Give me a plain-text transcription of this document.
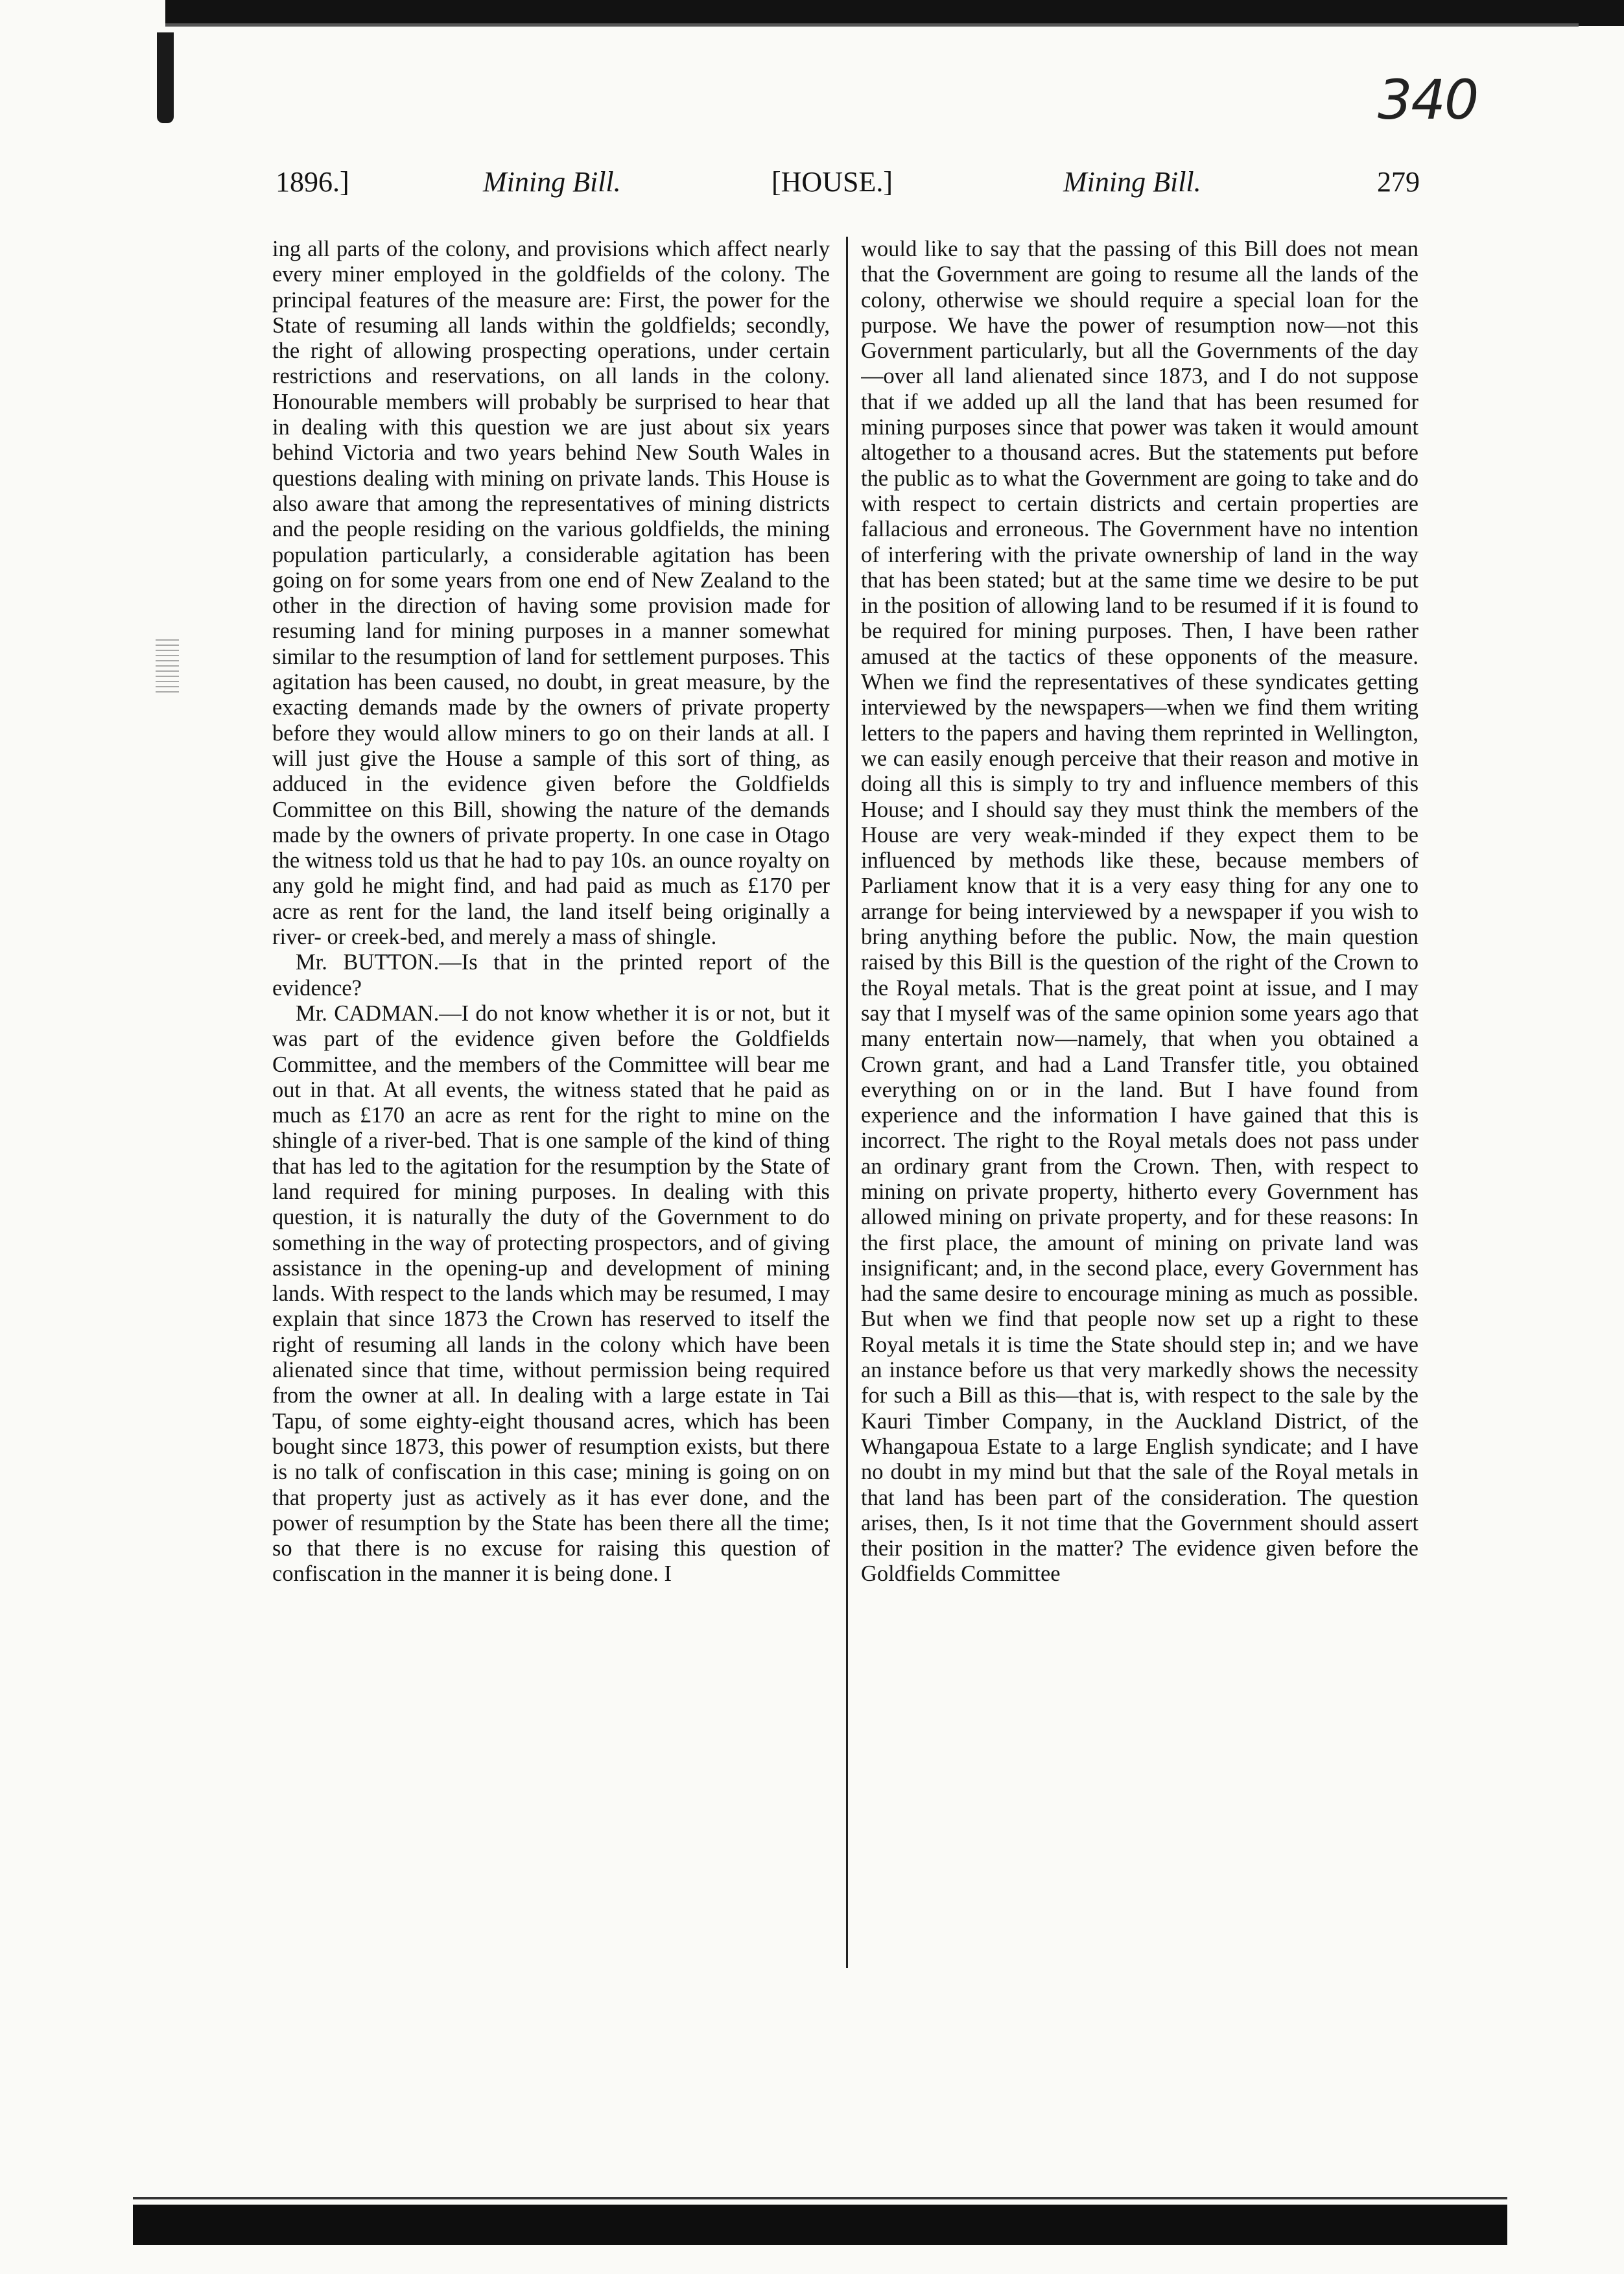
340
1896.]	Mining Bill.	[HOUSE.]	Mining Bill.	279

ing all parts of the colony, and provisions which affect nearly every miner employed in the goldfields of the colony. The principal features of the measure are: First, the power for the State of resuming all lands within the goldfields; secondly, the right of allowing prospecting operations, under certain restrictions and reservations, on all lands in the colony. Honourable members will probably be surprised to hear that in dealing with this question we are just about six years behind Victoria and two years behind New South Wales in questions dealing with mining on private lands. This House is also aware that among the representatives of mining districts and the people residing on the various goldfields, the mining population particularly, a considerable agitation has been going on for some years from one end of New Zealand to the other in the direction of having some provision made for resuming land for mining purposes in a manner somewhat similar to the resumption of land for settlement purposes. This agitation has been caused, no doubt, in great measure, by the exacting demands made by the owners of private property before they would allow miners to go on their lands at all. I will just give the House a sample of this sort of thing, as adduced in the evidence given before the Goldfields Committee on this Bill, showing the nature of the demands made by the owners of private property. In one case in Otago the witness told us that he had to pay 10s. an ounce royalty on any gold he might find, and had paid as much as £170 per acre as rent for the land, the land itself being originally a river- or creek-bed, and merely a mass of shingle.

Mr. BUTTON.—Is that in the printed report of the evidence?

Mr. CADMAN.—I do not know whether it is or not, but it was part of the evidence given before the Goldfields Committee, and the members of the Committee will bear me out in that. At all events, the witness stated that he paid as much as £170 an acre as rent for the right to mine on the shingle of a river-bed. That is one sample of the kind of thing that has led to the agitation for the resumption by the State of land required for mining purposes. In dealing with this question, it is naturally the duty of the Government to do something in the way of protecting prospectors, and of giving assistance in the opening-up and development of mining lands. With respect to the lands which may be resumed, I may explain that since 1873 the Crown has reserved to itself the right of resuming all lands in the colony which have been alienated since that time, without permission being required from the owner at all. In dealing with a large estate in Tai Tapu, of some eighty-eight thousand acres, which has been bought since 1873, this power of resumption exists, but there is no talk of confiscation in this case; mining is going on on that property just as actively as it has ever done, and the power of resumption by the State has been there all the time; so that there is no excuse for raising this question of confiscation in the manner it is being done. I

would like to say that the passing of this Bill does not mean that the Government are going to resume all the lands of the colony, otherwise we should require a special loan for the purpose. We have the power of resumption now—not this Government particularly, but all the Governments of the day—over all land alienated since 1873, and I do not suppose that if we added up all the land that has been resumed for mining purposes since that power was taken it would amount altogether to a thousand acres. But the statements put before the public as to what the Government are going to take and do with respect to certain districts and certain properties are fallacious and erroneous. The Government have no intention of interfering with the private ownership of land in the way that has been stated; but at the same time we desire to be put in the position of allowing land to be resumed if it is found to be required for mining purposes. Then, I have been rather amused at the tactics of these opponents of the measure. When we find the representatives of these syndicates getting interviewed by the newspapers—when we find them writing letters to the papers and having them reprinted in Wellington, we can easily enough perceive that their reason and motive in doing all this is simply to try and influence members of this House; and I should say they must think the members of the House are very weak-minded if they expect them to be influenced by methods like these, because members of Parliament know that it is a very easy thing for any one to arrange for being interviewed by a newspaper if you wish to bring anything before the public. Now, the main question raised by this Bill is the question of the right of the Crown to the Royal metals. That is the great point at issue, and I may say that I myself was of the same opinion some years ago that many entertain now—namely, that when you obtained a Crown grant, and had a Land Transfer title, you obtained everything on or in the land. But I have found from experience and the information I have gained that this is incorrect. The right to the Royal metals does not pass under an ordinary grant from the Crown. Then, with respect to mining on private property, hitherto every Government has allowed mining on private property, and for these reasons: In the first place, the amount of mining on private land was insignificant; and, in the second place, every Government has had the same desire to encourage mining as much as possible. But when we find that people now set up a right to these Royal metals it is time the State should step in; and we have an instance before us that very markedly shows the necessity for such a Bill as this—that is, with respect to the sale by the Kauri Timber Company, in the Auckland District, of the Whangapoua Estate to a large English syndicate; and I have no doubt in my mind but that the sale of the Royal metals in that land has been part of the consideration. The question arises, then, Is it not time that the Government should assert their position in the matter? The evidence given before the Goldfields Committee
